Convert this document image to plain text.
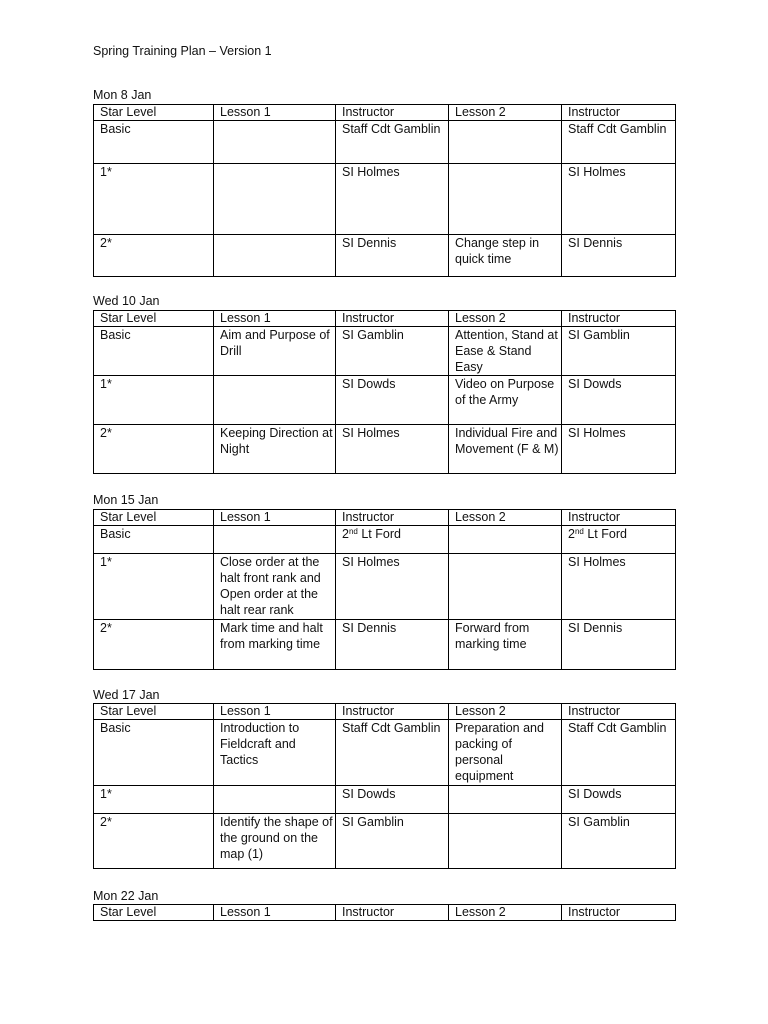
Spring Training Plan – Version 1
Mon 8 Jan
Star Level	Lesson 1	Instructor	Lesson 2	Instructor
Basic		Staff Cdt Gamblin		Staff Cdt Gamblin
1*		SI Holmes		SI Holmes
2*		SI Dennis	Change step in quick time	SI Dennis
Wed 10 Jan
Star Level	Lesson 1	Instructor	Lesson 2	Instructor
Basic	Aim and Purpose of Drill	SI Gamblin	Attention, Stand at Ease & Stand Easy	SI Gamblin
1*		SI Dowds	Video on Purpose of the Army	SI Dowds
2*	Keeping Direction at Night	SI Holmes	Individual Fire and Movement (F & M)	SI Holmes
Mon 15 Jan
Star Level	Lesson 1	Instructor	Lesson 2	Instructor
Basic		2nd Lt Ford		2nd Lt Ford
1*	Close order at the halt front rank and Open order at the halt rear rank	SI Holmes		SI Holmes
2*	Mark time and halt from marking time	SI Dennis	Forward from marking time	SI Dennis
Wed 17 Jan
Star Level	Lesson 1	Instructor	Lesson 2	Instructor
Basic	Introduction to Fieldcraft and Tactics	Staff Cdt Gamblin	Preparation and packing of personal equipment	Staff Cdt Gamblin
1*		SI Dowds		SI Dowds
2*	Identify the shape of the ground on the map (1)	SI Gamblin		SI Gamblin
Mon 22 Jan
Star Level	Lesson 1	Instructor	Lesson 2	Instructor
